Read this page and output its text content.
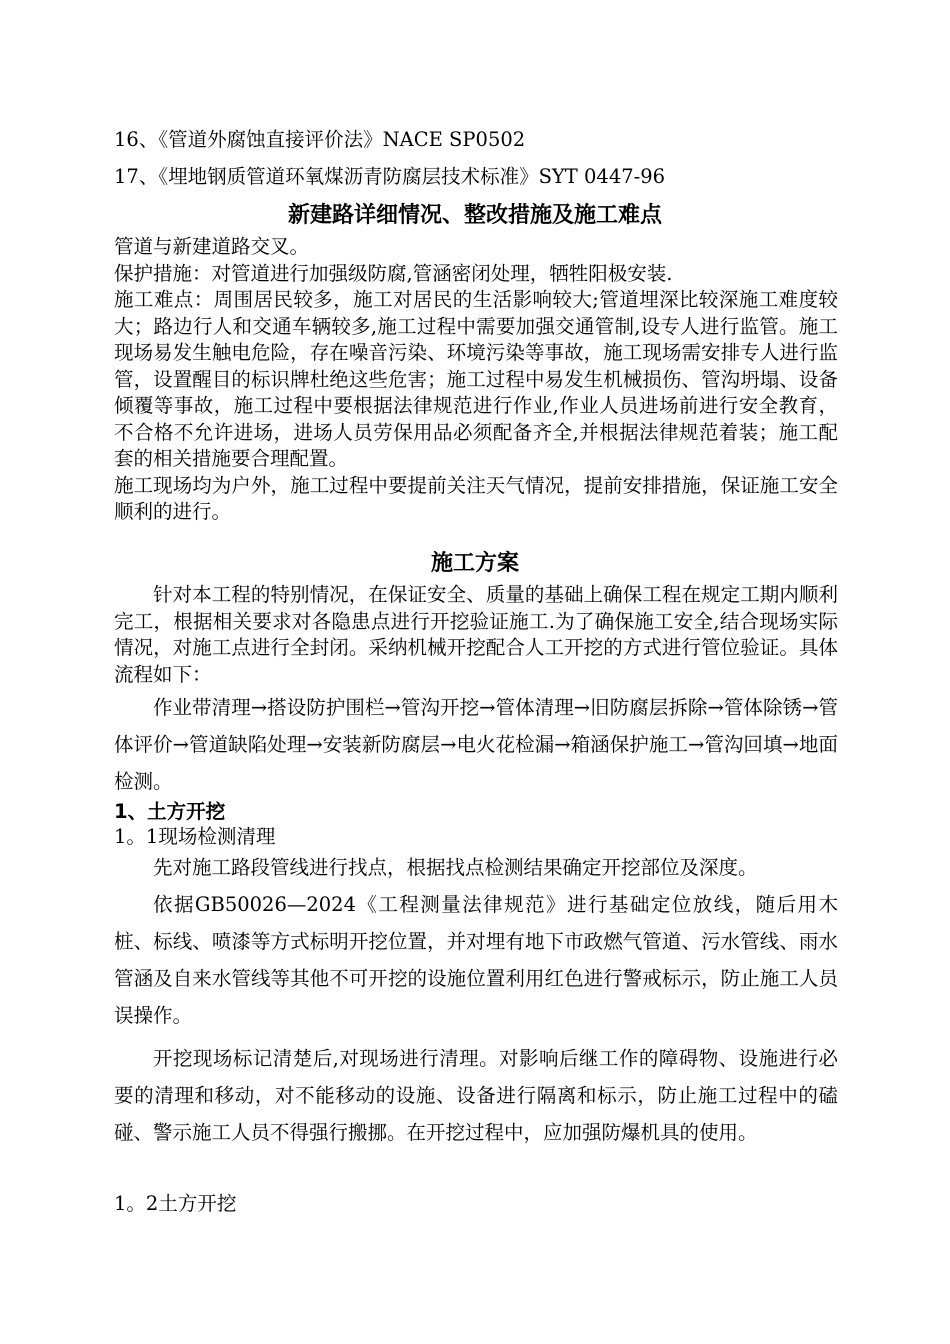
16、《管道外腐蚀直接评价法》NACE SP0502
17、《埋地钢质管道环氧煤沥青防腐层技术标准》SYT 0447-96
新建路详细情况、整改措施及施工难点

管道与新建道路交叉。

保护措施：对管道进行加强级防腐,管涵密闭处理，牺牲阳极安装.

施工难点：周围居民较多，施工对居民的生活影响较大;管道埋深比较深施工难度较大；路边行人和交通车辆较多,施工过程中需要加强交通管制,设专人进行监管。施工现场易发生触电危险，存在噪音污染、环境污染等事故，施工现场需安排专人进行监管，设置醒目的标识牌杜绝这些危害；施工过程中易发生机械损伤、管沟坍塌、设备倾覆等事故，施工过程中要根据法律规范进行作业,作业人员进场前进行安全教育，不合格不允许进场，进场人员劳保用品必须配备齐全,并根据法律规范着装；施工配套的相关措施要合理配置。

施工现场均为户外，施工过程中要提前关注天气情况，提前安排措施，保证施工安全顺利的进行。

施工方案

针对本工程的特别情况，在保证安全、质量的基础上确保工程在规定工期内顺利完工，根据相关要求对各隐患点进行开挖验证施工.为了确保施工安全,结合现场实际情况，对施工点进行全封闭。采纳机械开挖配合人工开挖的方式进行管位验证。具体流程如下：

作业带清理→搭设防护围栏→管沟开挖→管体清理→旧防腐层拆除→管体除锈→管体评价→管道缺陷处理→安装新防腐层→电火花检漏→箱涵保护施工→管沟回填→地面检测。

1、土方开挖
1。1现场检测清理

先对施工路段管线进行找点，根据找点检测结果确定开挖部位及深度。

依据GB50026—2024《工程测量法律规范》进行基础定位放线，随后用木桩、标线、喷漆等方式标明开挖位置，并对埋有地下市政燃气管道、污水管线、雨水管涵及自来水管线等其他不可开挖的设施位置利用红色进行警戒标示，防止施工人员误操作。

开挖现场标记清楚后,对现场进行清理。对影响后继工作的障碍物、设施进行必要的清理和移动，对不能移动的设施、设备进行隔离和标示，防止施工过程中的磕碰、警示施工人员不得强行搬挪。在开挖过程中，应加强防爆机具的使用。

1。2土方开挖
